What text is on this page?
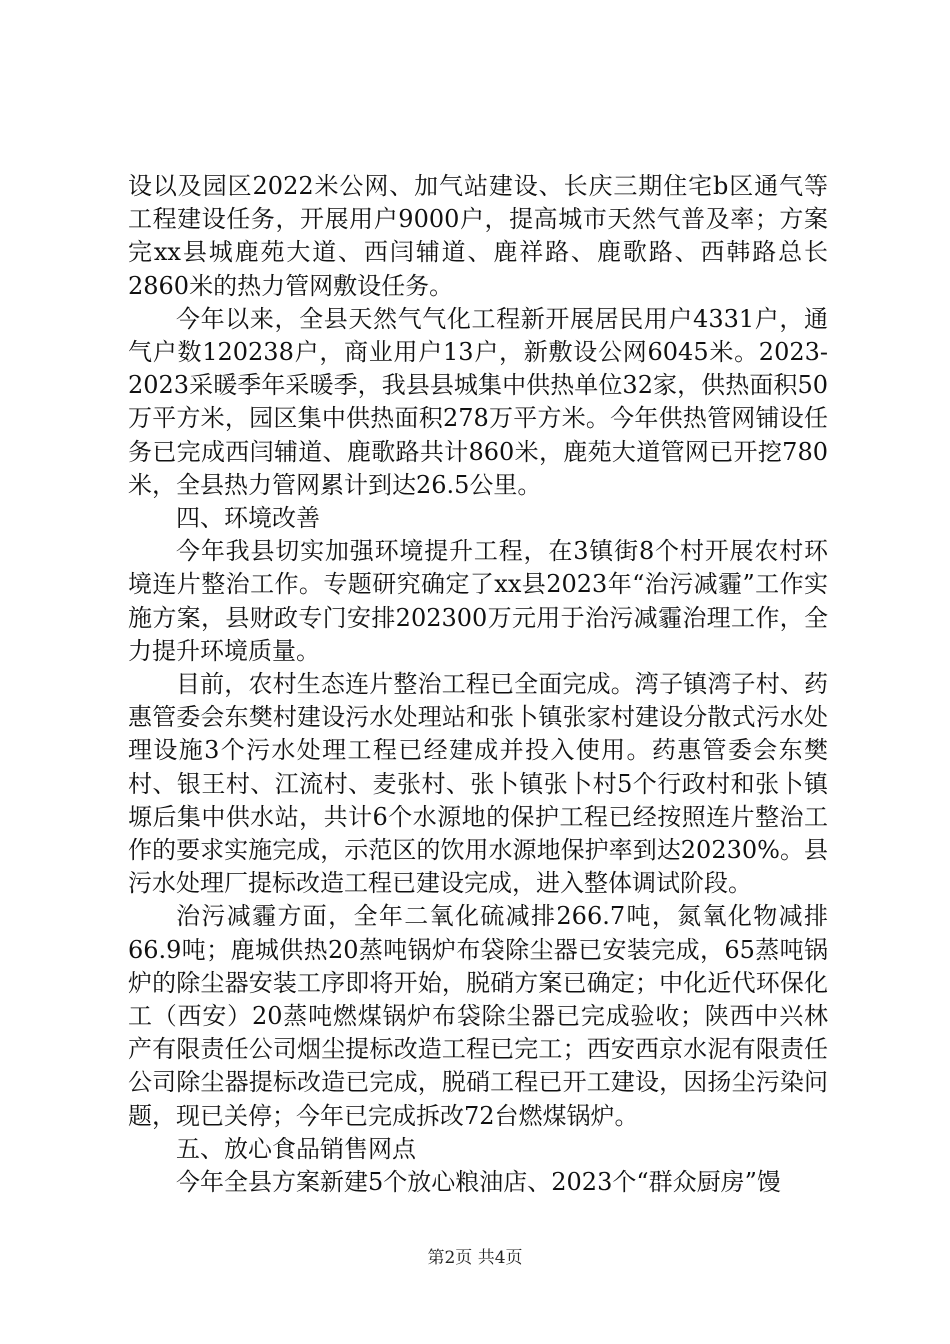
设以及园区2022米公网、加气站建设、长庆三期住宅b区通气等工程建设任务，开展用户9000户，提高城市天然气普及率；方案完xx县城鹿苑大道、西闫辅道、鹿祥路、鹿歌路、西韩路总长2860米的热力管网敷设任务。

今年以来，全县天然气气化工程新开展居民用户4331户，通气户数120238户，商业用户13户，新敷设公网6045米。2023-2023采暖季年采暖季，我县县城集中供热单位32家，供热面积50万平方米，园区集中供热面积278万平方米。今年供热管网铺设任务已完成西闫辅道、鹿歌路共计860米，鹿苑大道管网已开挖780米，全县热力管网累计到达26.5公里。

四、环境改善

今年我县切实加强环境提升工程，在3镇街8个村开展农村环境连片整治工作。专题研究确定了xx县2023年“治污减霾”工作实施方案，县财政专门安排202300万元用于治污减霾治理工作，全力提升环境质量。

目前，农村生态连片整治工程已全面完成。湾子镇湾子村、药惠管委会东樊村建设污水处理站和张卜镇张家村建设分散式污水处理设施3个污水处理工程已经建成并投入使用。药惠管委会东樊村、银王村、江流村、麦张村、张卜镇张卜村5个行政村和张卜镇塬后集中供水站，共计6个水源地的保护工程已经按照连片整治工作的要求实施完成，示范区的饮用水源地保护率到达20230%。县污水处理厂提标改造工程已建设完成，进入整体调试阶段。

治污减霾方面，全年二氧化硫减排266.7吨，氮氧化物减排66.9吨；鹿城供热20蒸吨锅炉布袋除尘器已安装完成，65蒸吨锅炉的除尘器安装工序即将开始，脱硝方案已确定；中化近代环保化工（西安）20蒸吨燃煤锅炉布袋除尘器已完成验收；陕西中兴林产有限责任公司烟尘提标改造工程已完工；西安西京水泥有限责任公司除尘器提标改造已完成，脱硝工程已开工建设，因扬尘污染问题，现已关停；今年已完成拆改72台燃煤锅炉。

五、放心食品销售网点

今年全县方案新建5个放心粮油店、2023个“群众厨房”馒

第2页 共4页
